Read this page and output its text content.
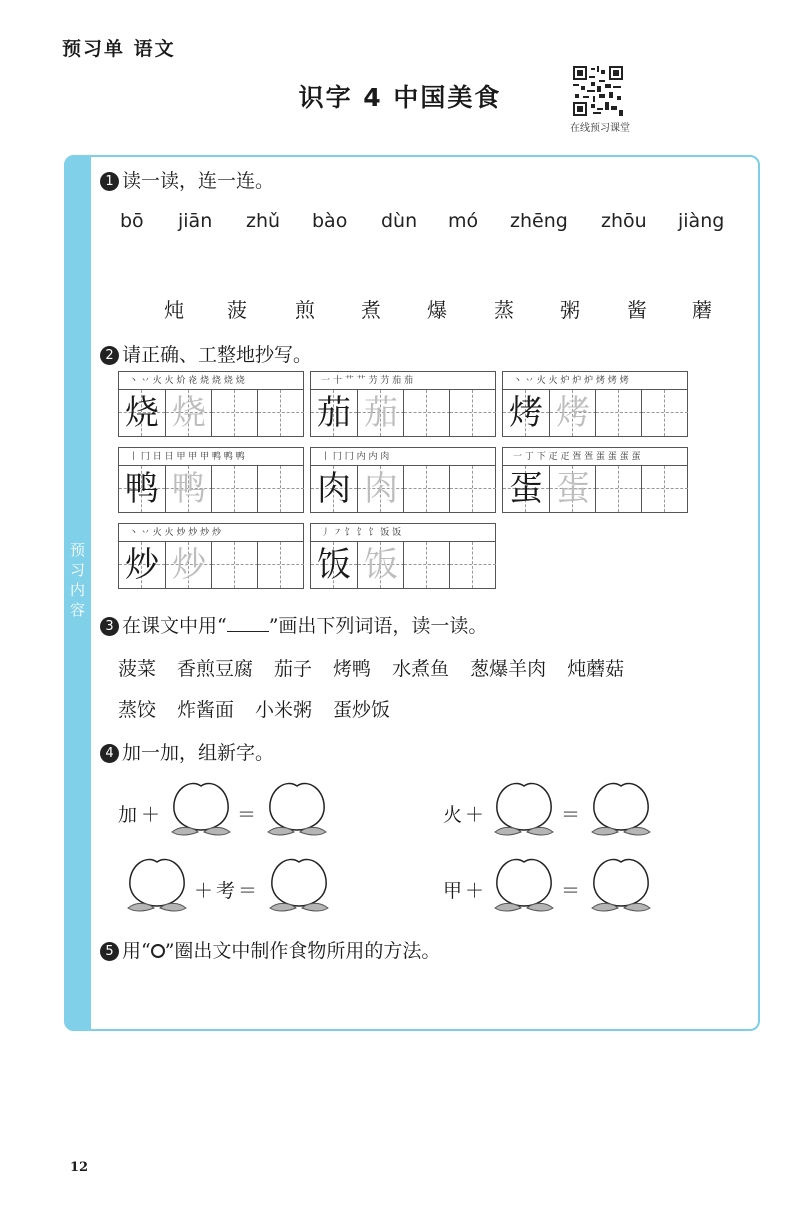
预习单 语文
识字 4 中国美食
在线预习课堂
预
习
内
容
1 读一读，连一连。
bō jiān zhǔ bào dùn mó zhēng zhōu jiàng
炖 菠 煎 煮 爆 蒸 粥 酱 蘑
2 请正确、工整地抄写。
丶 丷 火 火 炌 炛 烧 烧 烧 烧
烧 烧
一 十 艹 艹 芀 芀 茄 茄
茄 茄
丶 丷 火 火 炉 炉 炉 烤 烤 烤
烤 烤
丨 冂 日 日 甲 甲 甲 鸭 鸭 鸭
鸭 鸭
丨 冂 冂 内 内 肉
肉 肉
一 丁 下 疋 疋 疍 疍 蛋 蛋 蛋 蛋
蛋 蛋
丶 丷 火 火 炒 炒 炒 炒
炒 炒
丿 ㇇ 饣 饣 饣 饭 饭
饭 饭
3 在课文中用“ ”画出下列词语，读一读。
菠菜 香煎豆腐 茄子 烤鸭 水煮鱼 葱爆羊肉 炖蘑菇
蒸饺 炸酱面 小米粥 蛋炒饭
4 加一加，组新字。
加 ＋	＝	火 ＋	＝
＋ 考 ＝	甲 ＋	＝
5 用“○”圈出文中制作食物所用的方法。
12
